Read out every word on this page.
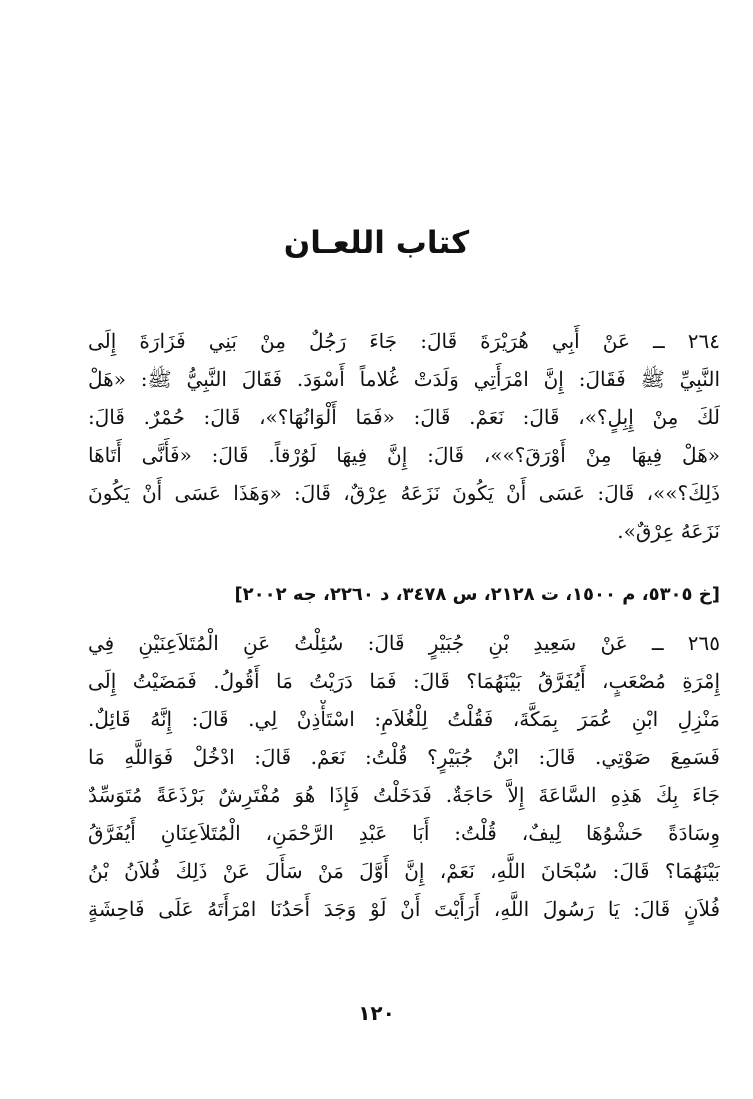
كتاب اللعـان
٢٦٤ ــ عَنْ أَبِي هُرَيْرَةَ قَالَ: جَاءَ رَجُلٌ مِنْ بَنِي فَزَارَةَ إِلَى
النَّبِيِّ ﷺ فَقَالَ: إِنَّ امْرَأَتِي وَلَدَتْ غُلاماً أَسْوَدَ. فَقَالَ النَّبِيُّ ﷺ: «هَلْ
لَكَ مِنْ إِبِلٍ؟»، قَالَ: نَعَمْ. قَالَ: «فَمَا أَلْوَانُهَا؟»، قَالَ: حُمْرٌ. قَالَ:
«هَلْ فِيهَا مِنْ أَوْرَقَ؟»»، قَالَ: إِنَّ فِيهَا لَوُرْقاً. قَالَ: «فَأَنَّى أَتَاهَا
ذَلِكَ؟»»، قَالَ: عَسَى أَنْ يَكُونَ نَزَعَهُ عِرْقٌ، قَالَ: «وَهَذَا عَسَى أَنْ يَكُونَ
نَزَعَهُ عِرْقٌ».
[خ ٥٣٠٥، م ١٥٠٠، ت ٢١٢٨، س ٣٤٧٨، د ٢٢٦٠، جه ٢٠٠٢]
٢٦٥ ــ عَنْ سَعِيدِ بْنِ جُبَيْرٍ قَالَ: سُئِلْتُ عَنِ الْمُتَلاَعِنَيْنِ فِي
إِمْرَةِ مُصْعَبٍ، أَيُفَرَّقُ بَيْنَهُمَا؟ قَالَ: فَمَا دَرَيْتُ مَا أَقُولُ. فَمَضَيْتُ إِلَى
مَنْزِلِ ابْنِ عُمَرَ بِمَكَّةَ، فَقُلْتُ لِلْغُلاَمِ: اسْتَأْذِنْ لِي. قَالَ: إِنَّهُ قَائِلٌ.
فَسَمِعَ صَوْتِي. قَالَ: ابْنُ جُبَيْرٍ؟ قُلْتُ: نَعَمْ. قَالَ: ادْخُلْ فَوَاللَّهِ مَا
جَاءَ بِكَ هَذِهِ السَّاعَةَ إِلاَّ حَاجَةٌ. فَدَخَلْتُ فَإِذَا هُوَ مُفْتَرِشٌ بَرْذَعَةً مُتَوَسِّدٌ
وِسَادَةً حَشْوُهَا لِيفٌ، قُلْتُ: أَبَا عَبْدِ الرَّحْمَنِ، الْمُتَلاَعِنَانِ أَيُفَرَّقُ
بَيْنَهُمَا؟ قَالَ: سُبْحَانَ اللَّهِ، نَعَمْ، إِنَّ أَوَّلَ مَنْ سَأَلَ عَنْ ذَلِكَ فُلاَنُ بْنُ
فُلاَنٍ قَالَ: يَا رَسُولَ اللَّهِ، أَرَأَيْتَ أَنْ لَوْ وَجَدَ أَحَدُنَا امْرَأَتَهُ عَلَى فَاحِشَةٍ
١٢٠
